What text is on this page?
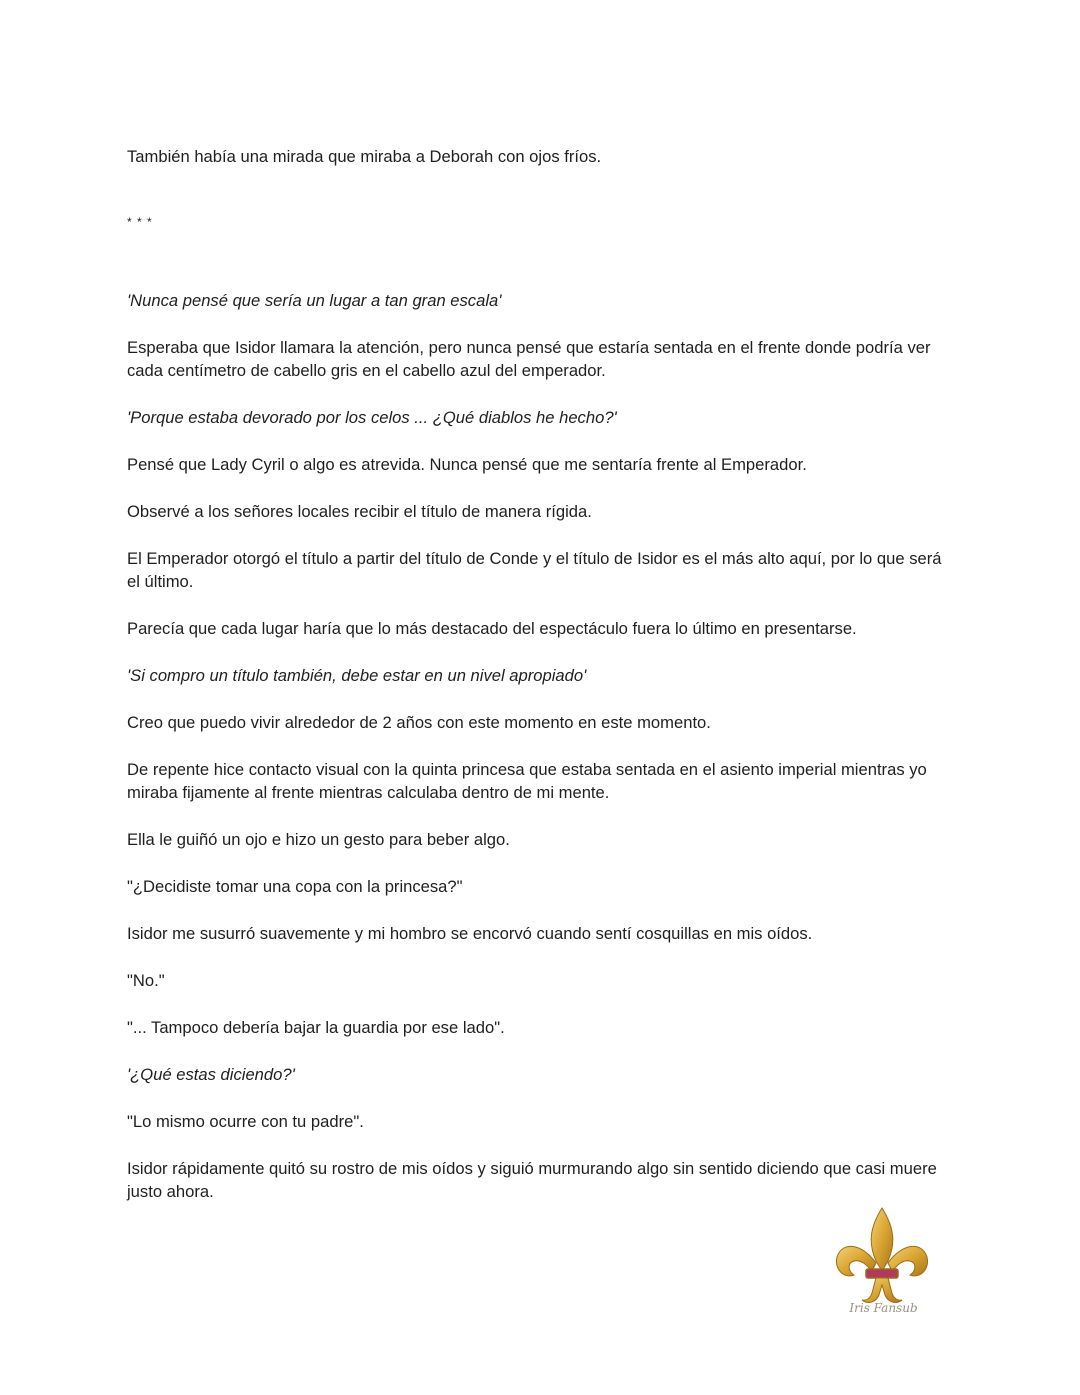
También había una mirada que miraba a Deborah con ojos fríos.

* * *

'Nunca pensé que sería un lugar a tan gran escala'

Esperaba que Isidor llamara la atención, pero nunca pensé que estaría sentada en el frente donde podría ver cada centímetro de cabello gris en el cabello azul del emperador.

'Porque estaba devorado por los celos ... ¿Qué diablos he hecho?'

Pensé que Lady Cyril o algo es atrevida. Nunca pensé que me sentaría frente al Emperador.

Observé a los señores locales recibir el título de manera rígida.

El Emperador otorgó el título a partir del título de Conde y el título de Isidor es el más alto aquí, por lo que será el último.

Parecía que cada lugar haría que lo más destacado del espectáculo fuera lo último en presentarse.

'Si compro un título también, debe estar en un nivel apropiado'

Creo que puedo vivir alrededor de 2 años con este momento en este momento.

De repente hice contacto visual con la quinta princesa que estaba sentada en el asiento imperial mientras yo miraba fijamente al frente mientras calculaba dentro de mi mente.

Ella le guiñó un ojo e hizo un gesto para beber algo.

"¿Decidiste tomar una copa con la princesa?"

Isidor me susurró suavemente y mi hombro se encorvó cuando sentí cosquillas en mis oídos.

"No."

"... Tampoco debería bajar la guardia por ese lado".

'¿Qué estas diciendo?'

"Lo mismo ocurre con tu padre".

Isidor rápidamente quitó su rostro de mis oídos y siguió murmurando algo sin sentido diciendo que casi muere justo ahora.

Iris Fansub
